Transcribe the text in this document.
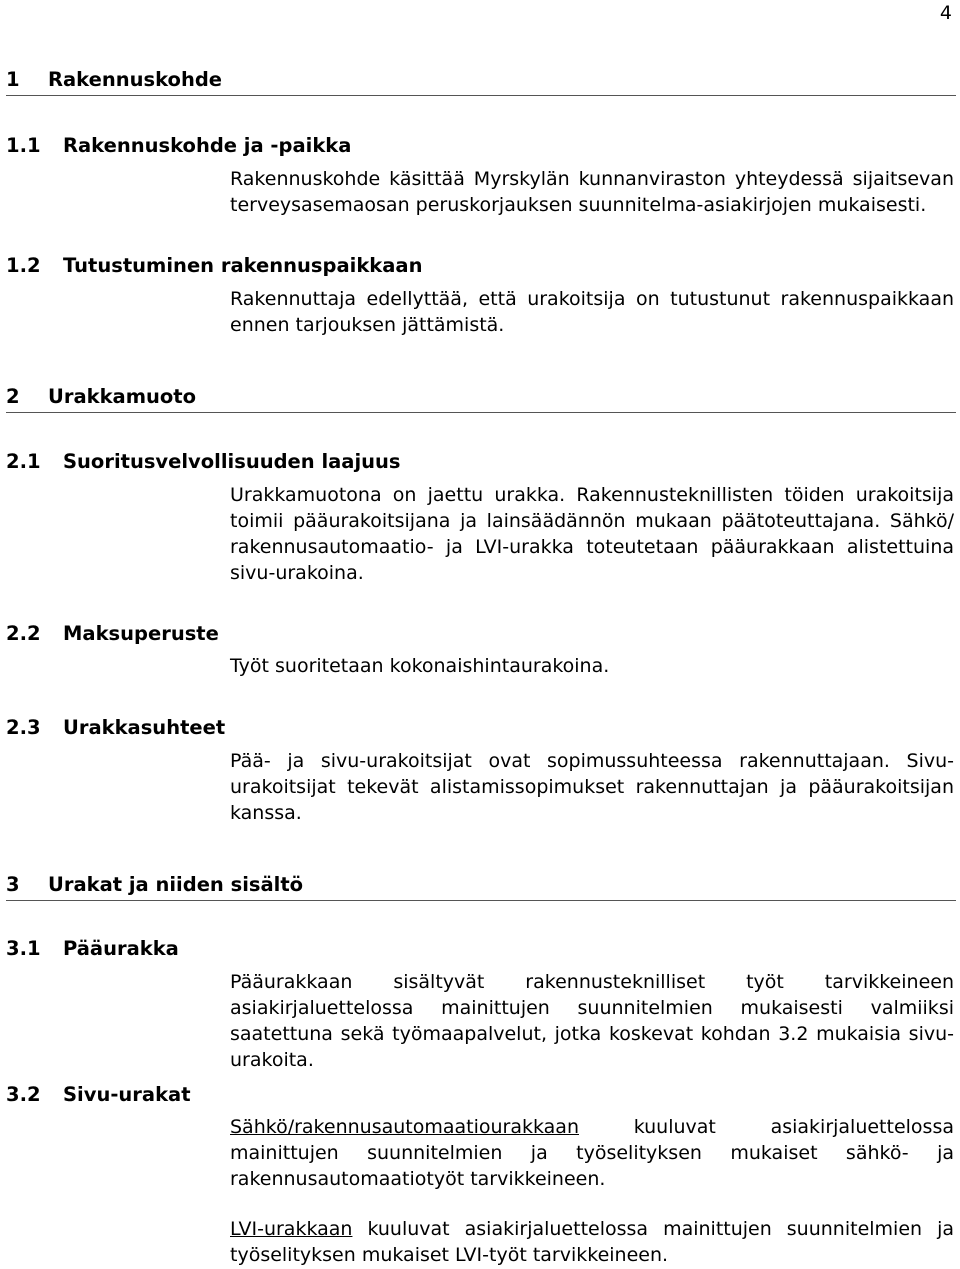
4
1	Rakennuskohde
1.1	Rakennuskohde ja -paikka
Rakennuskohde käsittää Myrskylän kunnanviraston yhteydessä sijaitsevan terveysasemaosan peruskorjauksen suunnitelma-asiakirjojen mukaisesti.
1.2	Tutustuminen rakennuspaikkaan
Rakennuttaja edellyttää, että urakoitsija on tutustunut rakennuspaikkaan ennen tarjouksen jättämistä.
2	Urakkamuoto
2.1	Suoritusvelvollisuuden laajuus
Urakkamuotona on jaettu urakka. Rakennusteknillisten töiden urakoitsija toimii pääurakoitsijana ja lainsäädännön mukaan päätoteuttajana. Sähkö/ rakennusautomaatio- ja LVI-urakka toteutetaan pääurakkaan alistettuina sivu-urakoina.
2.2	Maksuperuste
Työt suoritetaan kokonaishintaurakoina.
2.3	Urakkasuhteet
Pää- ja sivu-urakoitsijat ovat sopimussuhteessa rakennuttajaan. Sivu-urakoitsijat tekevät alistamissopimukset rakennuttajan ja pääurakoitsijan kanssa.
3	Urakat ja niiden sisältö
3.1	Pääurakka
Pääurakkaan sisältyvät rakennusteknilliset työt tarvikkeineen asiakirjaluettelossa mainittujen suunnitelmien mukaisesti valmiiksi saatettuna sekä työmaapalvelut, jotka koskevat kohdan 3.2 mukaisia sivu-urakoita.
3.2	Sivu-urakat
Sähkö/rakennusautomaatiourakkaan kuuluvat asiakirjaluettelossa mainittujen suunnitelmien ja työselityksen mukaiset sähkö- ja rakennusautomaatiotyöt tarvikkeineen.
LVI-urakkaan kuuluvat asiakirjaluettelossa mainittujen suunnitelmien ja työselityksen mukaiset LVI-työt tarvikkeineen.
